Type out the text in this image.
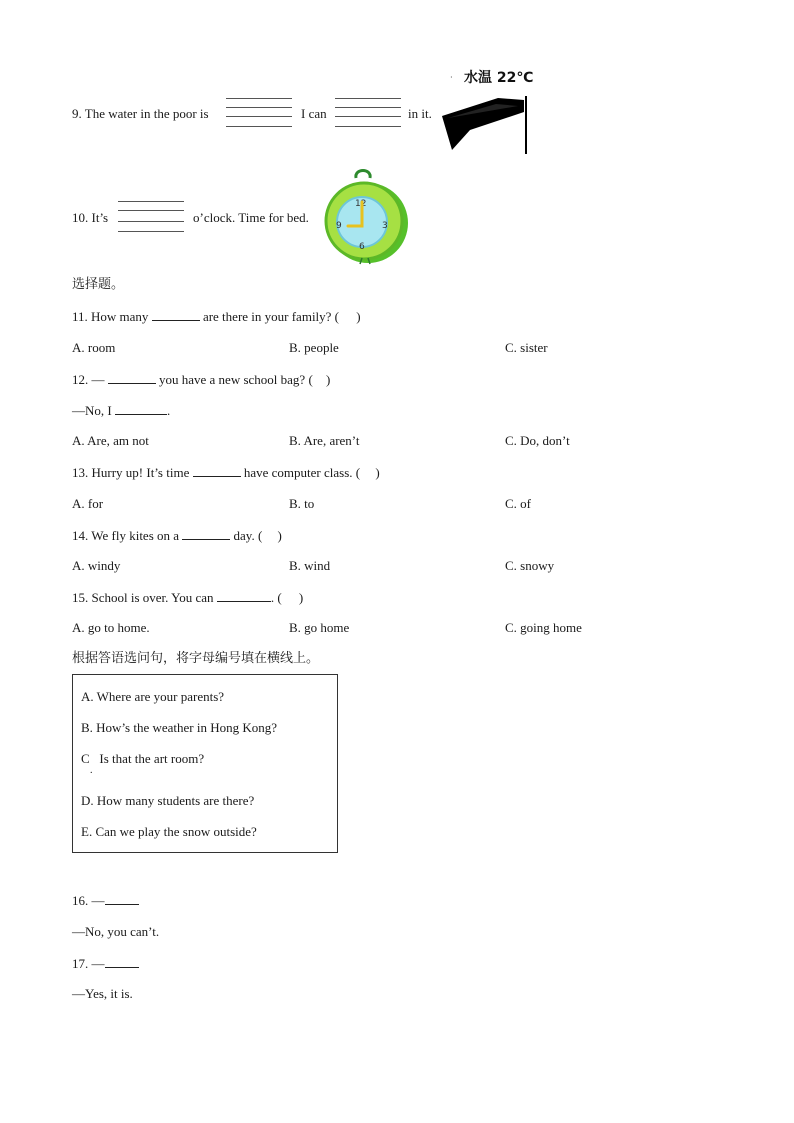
9. The water in the poor is	I can	in it.
水温 22℃
·
10. It’s	o’clock. Time for bed.
12
3
6
9
选择题。
11. How many	are there in your family? ( )
A. room	B. people	C. sister
12. —	you have a new school bag? ( )
—No, I	.
A. Are, am not	B. Are, aren’t	C. Do, don’t
13. Hurry up! It’s time	have computer class. ( )
A. for	B. to	C. of
14. We fly kites on a	day. ( )
A. windy	B. wind	C. snowy
15. School is over. You can	. ( )
A. go to home.	B. go home	C. going home
根据答语选问句，将字母编号填在横线上。
A. Where are your parents?
B. How’s the weather in Hong Kong?
C   Is that the art room?
.
D. How many students are there?
E. Can we play the snow outside?
16. —
—No, you can’t.
17. —
—Yes, it is.
